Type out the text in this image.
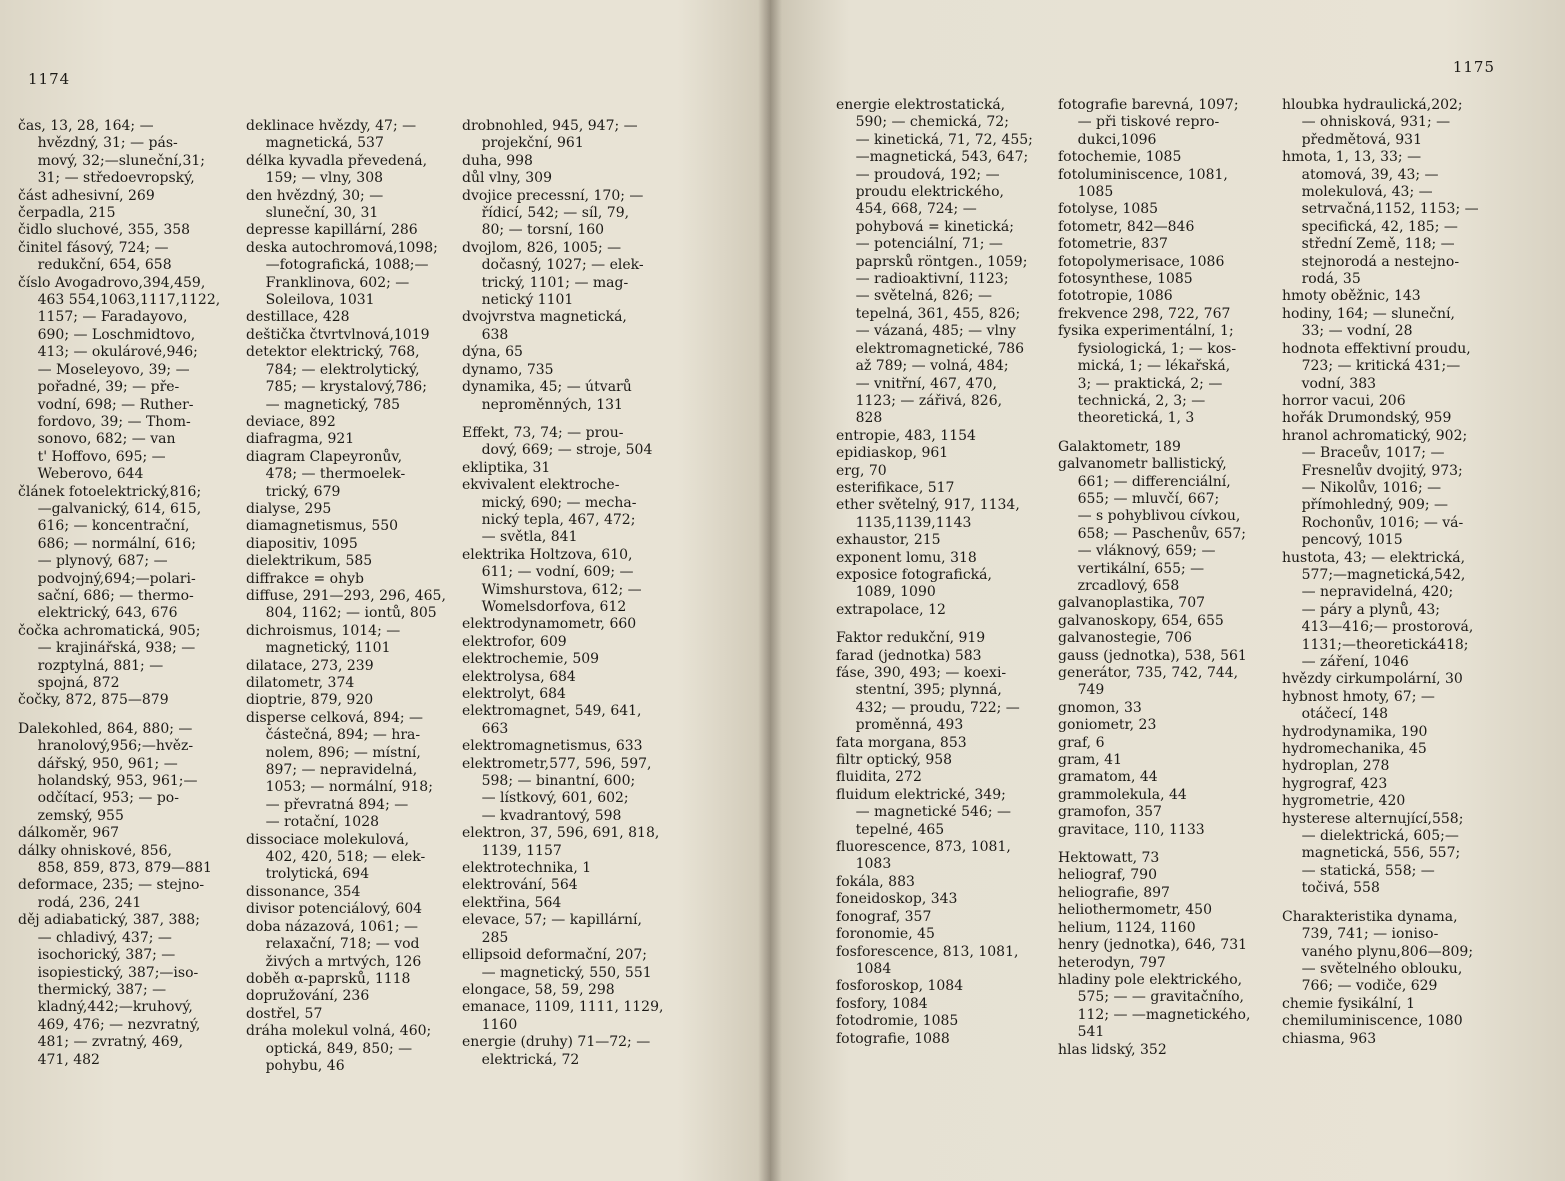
1174
čas, 13, 28, 164; —
hvězdný, 31; — pás-
mový, 32;—sluneční,31;
31; — středoevropský,
část adhesivní, 269
čerpadla, 215
čidlo sluchové, 355, 358
činitel fásový, 724; —
redukční, 654, 658
číslo Avogadrovo,394,459,
463 554,1063,1117,1122,
1157; — Faradayovo,
690; — Loschmidtovo,
413; — okulárové,946;
— Moseleyovo, 39; —
pořadné, 39; — pře-
vodní, 698; — Ruther-
fordovo, 39; — Thom-
sonovo, 682; — van
t' Hoffovo, 695; —
Weberovo, 644
článek fotoelektrický,816;
—galvanický, 614, 615,
616; — koncentrační,
686; — normální, 616;
— plynový, 687; —
podvojný,694;—polari-
sační, 686; — thermo-
elektrický, 643, 676
čočka achromatická, 905;
— krajinářská, 938; —
rozptylná, 881; —
spojná, 872
čočky, 872, 875—879
Dalekohled, 864, 880; —
hranolový,956;—hvěz-
dářský, 950, 961; —
holandský, 953, 961;—
odčítací, 953; — po-
zemský, 955
dálkoměr, 967
dálky ohniskové, 856,
858, 859, 873, 879—881
deformace, 235; — stejno-
rodá, 236, 241
děj adiabatický, 387, 388;
— chladivý, 437; —
isochorický, 387; —
isopiestický, 387;—iso-
thermický, 387; —
kladný,442;—kruhový,
469, 476; — nezvratný,
481; — zvratný, 469,
471, 482
deklinace hvězdy, 47; —
magnetická, 537
délka kyvadla převedená,
159; — vlny, 308
den hvězdný, 30; —
sluneční, 30, 31
depresse kapillární, 286
deska autochromová,1098;
—fotografická, 1088;—
Franklinova, 602; —
Soleilova, 1031
destillace, 428
deštička čtvrtvlnová,1019
detektor elektrický, 768,
784; — elektrolytický,
785; — krystalový,786;
— magnetický, 785
deviace, 892
diafragma, 921
diagram Clapeyronův,
478; — thermoelek-
trický, 679
dialyse, 295
diamagnetismus, 550
diapositiv, 1095
dielektrikum, 585
diffrakce = ohyb
diffuse, 291—293, 296, 465,
804, 1162; — iontů, 805
dichroismus, 1014; —
magnetický, 1101
dilatace, 273, 239
dilatometr, 374
dioptrie, 879, 920
disperse celková, 894; —
částečná, 894; — hra-
nolem, 896; — místní,
897; — nepravidelná,
1053; — normální, 918;
— převratná 894; —
— rotační, 1028
dissociace molekulová,
402, 420, 518; — elek-
trolytická, 694
dissonance, 354
divisor potenciálový, 604
doba názazová, 1061; —
relaxační, 718; — vod
živých a mrtvých, 126
doběh α-paprsků, 1118
dopružování, 236
dostřel, 57
dráha molekul volná, 460;
optická, 849, 850; —
pohybu, 46
drobnohled, 945, 947; —
projekční, 961
duha, 998
důl vlny, 309
dvojice precessní, 170; —
řídicí, 542; — síl, 79,
80; — torsní, 160
dvojlom, 826, 1005; —
dočasný, 1027; — elek-
trický, 1101; — mag-
netický 1101
dvojvrstva magnetická,
638
dýna, 65
dynamo, 735
dynamika, 45; — útvarů
neproměnných, 131
Effekt, 73, 74; — prou-
dový, 669; — stroje, 504
ekliptika, 31
ekvivalent elektroche-
mický, 690; — mecha-
nický tepla, 467, 472;
— světla, 841
elektrika Holtzova, 610,
611; — vodní, 609; —
Wimshurstova, 612; —
Womelsdorfova, 612
elektrodynamometr, 660
elektrofor, 609
elektrochemie, 509
elektrolysa, 684
elektrolyt, 684
elektromagnet, 549, 641,
663
elektromagnetismus, 633
elektrometr,577, 596, 597,
598; — binantní, 600;
— lístkový, 601, 602;
— kvadrantový, 598
elektron, 37, 596, 691, 818,
1139, 1157
elektrotechnika, 1
elektrování, 564
elektřina, 564
elevace, 57; — kapillární,
285
ellipsoid deformační, 207;
— magnetický, 550, 551
elongace, 58, 59, 298
emanace, 1109, 1111, 1129,
1160
energie (druhy) 71—72; —
elektrická, 72
1175
energie elektrostatická,
590; — chemická, 72;
— kinetická, 71, 72, 455;
—magnetická, 543, 647;
— proudová, 192; —
proudu elektrického,
454, 668, 724; —
pohybová = kinetická;
— potenciální, 71; —
paprsků röntgen., 1059;
— radioaktivní, 1123;
— světelná, 826; —
tepelná, 361, 455, 826;
— vázaná, 485; — vlny
elektromagnetické, 786
až 789; — volná, 484;
— vnitřní, 467, 470,
1123; — zářivá, 826,
828
entropie, 483, 1154
epidiaskop, 961
erg, 70
esterifikace, 517
ether světelný, 917, 1134,
1135,1139,1143
exhaustor, 215
exponent lomu, 318
exposice fotografická,
1089, 1090
extrapolace, 12
Faktor redukční, 919
farad (jednotka) 583
fáse, 390, 493; — koexi-
stentní, 395; plynná,
432; — proudu, 722; —
proměnná, 493
fata morgana, 853
filtr optický, 958
fluidita, 272
fluidum elektrické, 349;
— magnetické 546; —
tepelné, 465
fluorescence, 873, 1081,
1083
fokála, 883
foneidoskop, 343
fonograf, 357
foronomie, 45
fosforescence, 813, 1081,
1084
fosforoskop, 1084
fosfory, 1084
fotodromie, 1085
fotografie, 1088
fotografie barevná, 1097;
— při tiskové repro-
dukci,1096
fotochemie, 1085
fotoluminiscence, 1081,
1085
fotolyse, 1085
fotometr, 842—846
fotometrie, 837
fotopolymerisace, 1086
fotosynthese, 1085
fototropie, 1086
frekvence 298, 722, 767
fysika experimentální, 1;
fysiologická, 1; — kos-
mická, 1; — lékařská,
3; — praktická, 2; —
technická, 2, 3; —
theoretická, 1, 3
Galaktometr, 189
galvanometr ballistický,
661; — differenciální,
655; — mluvčí, 667;
— s pohyblivou cívkou,
658; — Paschenův, 657;
— vláknový, 659; —
vertikální, 655; —
zrcadlový, 658
galvanoplastika, 707
galvanoskopy, 654, 655
galvanostegie, 706
gauss (jednotka), 538, 561
generátor, 735, 742, 744,
749
gnomon, 33
goniometr, 23
graf, 6
gram, 41
gramatom, 44
grammolekula, 44
gramofon, 357
gravitace, 110, 1133
Hektowatt, 73
heliograf, 790
heliografie, 897
heliothermometr, 450
helium, 1124, 1160
henry (jednotka), 646, 731
heterodyn, 797
hladiny pole elektrického,
575; — — gravitačního,
112; — —magnetického,
541
hlas lidský, 352
hloubka hydraulická,202;
— ohnisková, 931; —
předmětová, 931
hmota, 1, 13, 33; —
atomová, 39, 43; —
molekulová, 43; —
setrvačná,1152, 1153; —
specifická, 42, 185; —
střední Země, 118; —
stejnorodá a nestejno-
rodá, 35
hmoty oběžnic, 143
hodiny, 164; — sluneční,
33; — vodní, 28
hodnota effektivní proudu,
723; — kritická 431;—
vodní, 383
horror vacui, 206
hořák Drumondský, 959
hranol achromatický, 902;
— Braceův, 1017; —
Fresnelův dvojitý, 973;
— Nikolův, 1016; —
přímohledný, 909; —
Rochonův, 1016; — vá-
pencový, 1015
hustota, 43; — elektrická,
577;—magnetická,542,
— nepravidelná, 420;
— páry a plynů, 43;
413—416;— prostorová,
1131;—theoretická418;
— záření, 1046
hvězdy cirkumpolární, 30
hybnost hmoty, 67; —
otáčecí, 148
hydrodynamika, 190
hydromechanika, 45
hydroplan, 278
hygrograf, 423
hygrometrie, 420
hysterese alternující,558;
— dielektrická, 605;—
magnetická, 556, 557;
— statická, 558; —
točivá, 558
Charakteristika dynama,
739, 741; — ioniso-
vaného plynu,806—809;
— světelného oblouku,
766; — vodiče, 629
chemie fysikální, 1
chemiluminiscence, 1080
chiasma, 963
